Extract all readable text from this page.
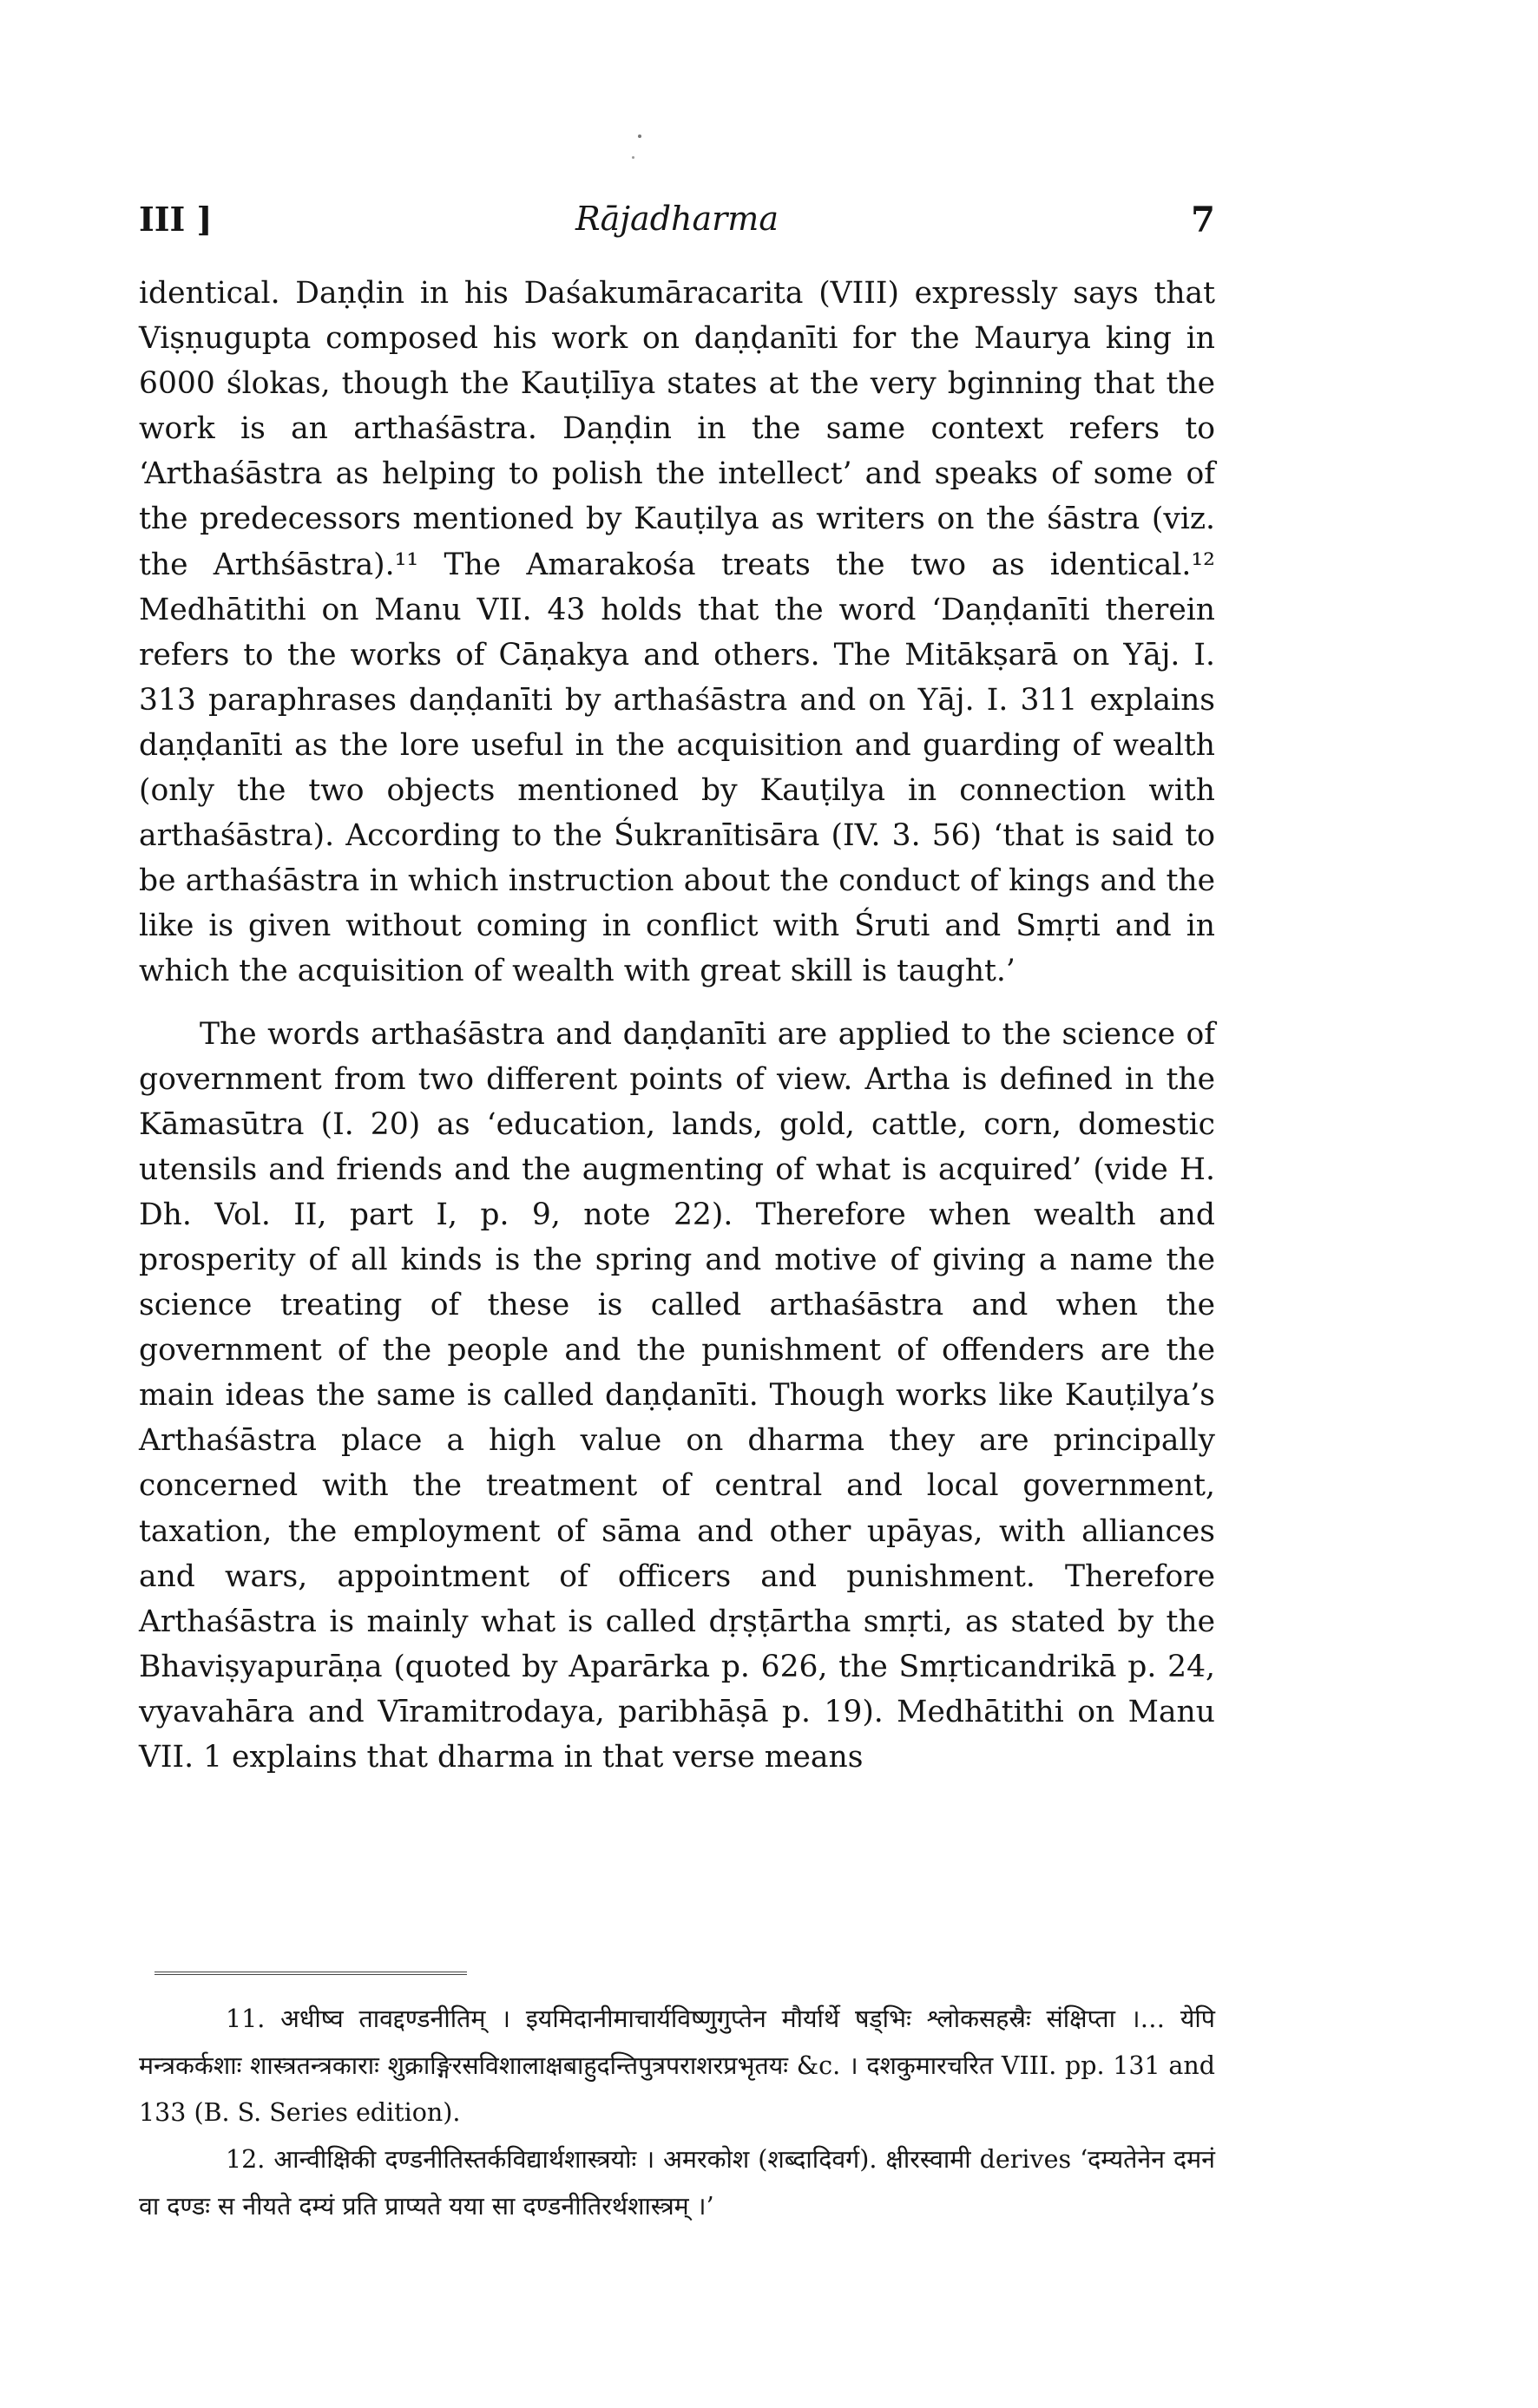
III ]	Rājadharma	7

identical. Daṇḍin in his Daśakumāracarita (VIII) expressly says that Viṣṇugupta composed his work on daṇḍanīti for the Maurya king in 6000 ślokas, though the Kauṭilīya states at the very bginning that the work is an arthaśāstra. Daṇḍin in the same context refers to ‘Arthaśāstra as helping to polish the intellect’ and speaks of some of the predecessors mentioned by Kauṭilya as writers on the śāstra (viz. the Arthśāstra).¹¹ The Amarakośa treats the two as identical.¹² Medhātithi on Manu VII. 43 holds that the word ‘Daṇḍanīti therein refers to the works of Cāṇakya and others. The Mitākṣarā on Yāj. I. 313 paraphrases daṇḍanīti by arthaśāstra and on Yāj. I. 311 explains daṇḍanīti as the lore useful in the acquisition and guarding of wealth (only the two objects mentioned by Kauṭilya in connection with arthaśāstra). According to the Śukranītisāra (IV. 3. 56) ‘that is said to be arthaśāstra in which instruction about the conduct of kings and the like is given without coming in conflict with Śruti and Smṛti and in which the acquisition of wealth with great skill is taught.’

The words arthaśāstra and daṇḍanīti are applied to the science of government from two different points of view. Artha is defined in the Kāmasūtra (I. 20) as ‘education, lands, gold, cattle, corn, domestic utensils and friends and the augmenting of what is acquired’ (vide H. Dh. Vol. II, part I, p. 9, note 22). Therefore when wealth and prosperity of all kinds is the spring and motive of giving a name the science treating of these is called arthaśāstra and when the government of the people and the punishment of offenders are the main ideas the same is called daṇḍanīti. Though works like Kauṭilya’s Arthaśāstra place a high value on dharma they are principally concerned with the treatment of central and local government, taxation, the employment of sāma and other upāyas, with alliances and wars, appointment of officers and punishment. Therefore Arthaśāstra is mainly what is called dṛṣṭārtha smṛti, as stated by the Bhaviṣyapurāṇa (quoted by Aparārka p. 626, the Smṛticandrikā p. 24, vyavahāra and Vīramitrodaya, paribhāṣā p. 19). Medhātithi on Manu VII. 1 explains that dharma in that verse means

11. अधीष्व तावद्दण्डनीतिम् । इयमिदानीमाचार्यविष्णुगुप्तेन मौर्यार्थे षड्भिः श्लोकसहस्रैः संक्षिप्ता ।… येपि मन्त्रकर्कशाः शास्त्रतन्त्रकाराः शुक्राङ्गिरसविशालाक्षबाहुदन्तिपुत्रपराशरप्रभृतयः &c. । दशकुमारचरित VIII. pp. 131 and 133 (B. S. Series edition).

12. आन्वीक्षिकी दण्डनीतिस्तर्कविद्यार्थशास्त्रयोः । अमरकोश (शब्दादिवर्ग). क्षीरस्वामी derives ‘दम्यतेनेन दमनं वा दण्डः स नीयते दम्यं प्रति प्राप्यते यया सा दण्डनीतिरर्थशास्त्रम् ।’
